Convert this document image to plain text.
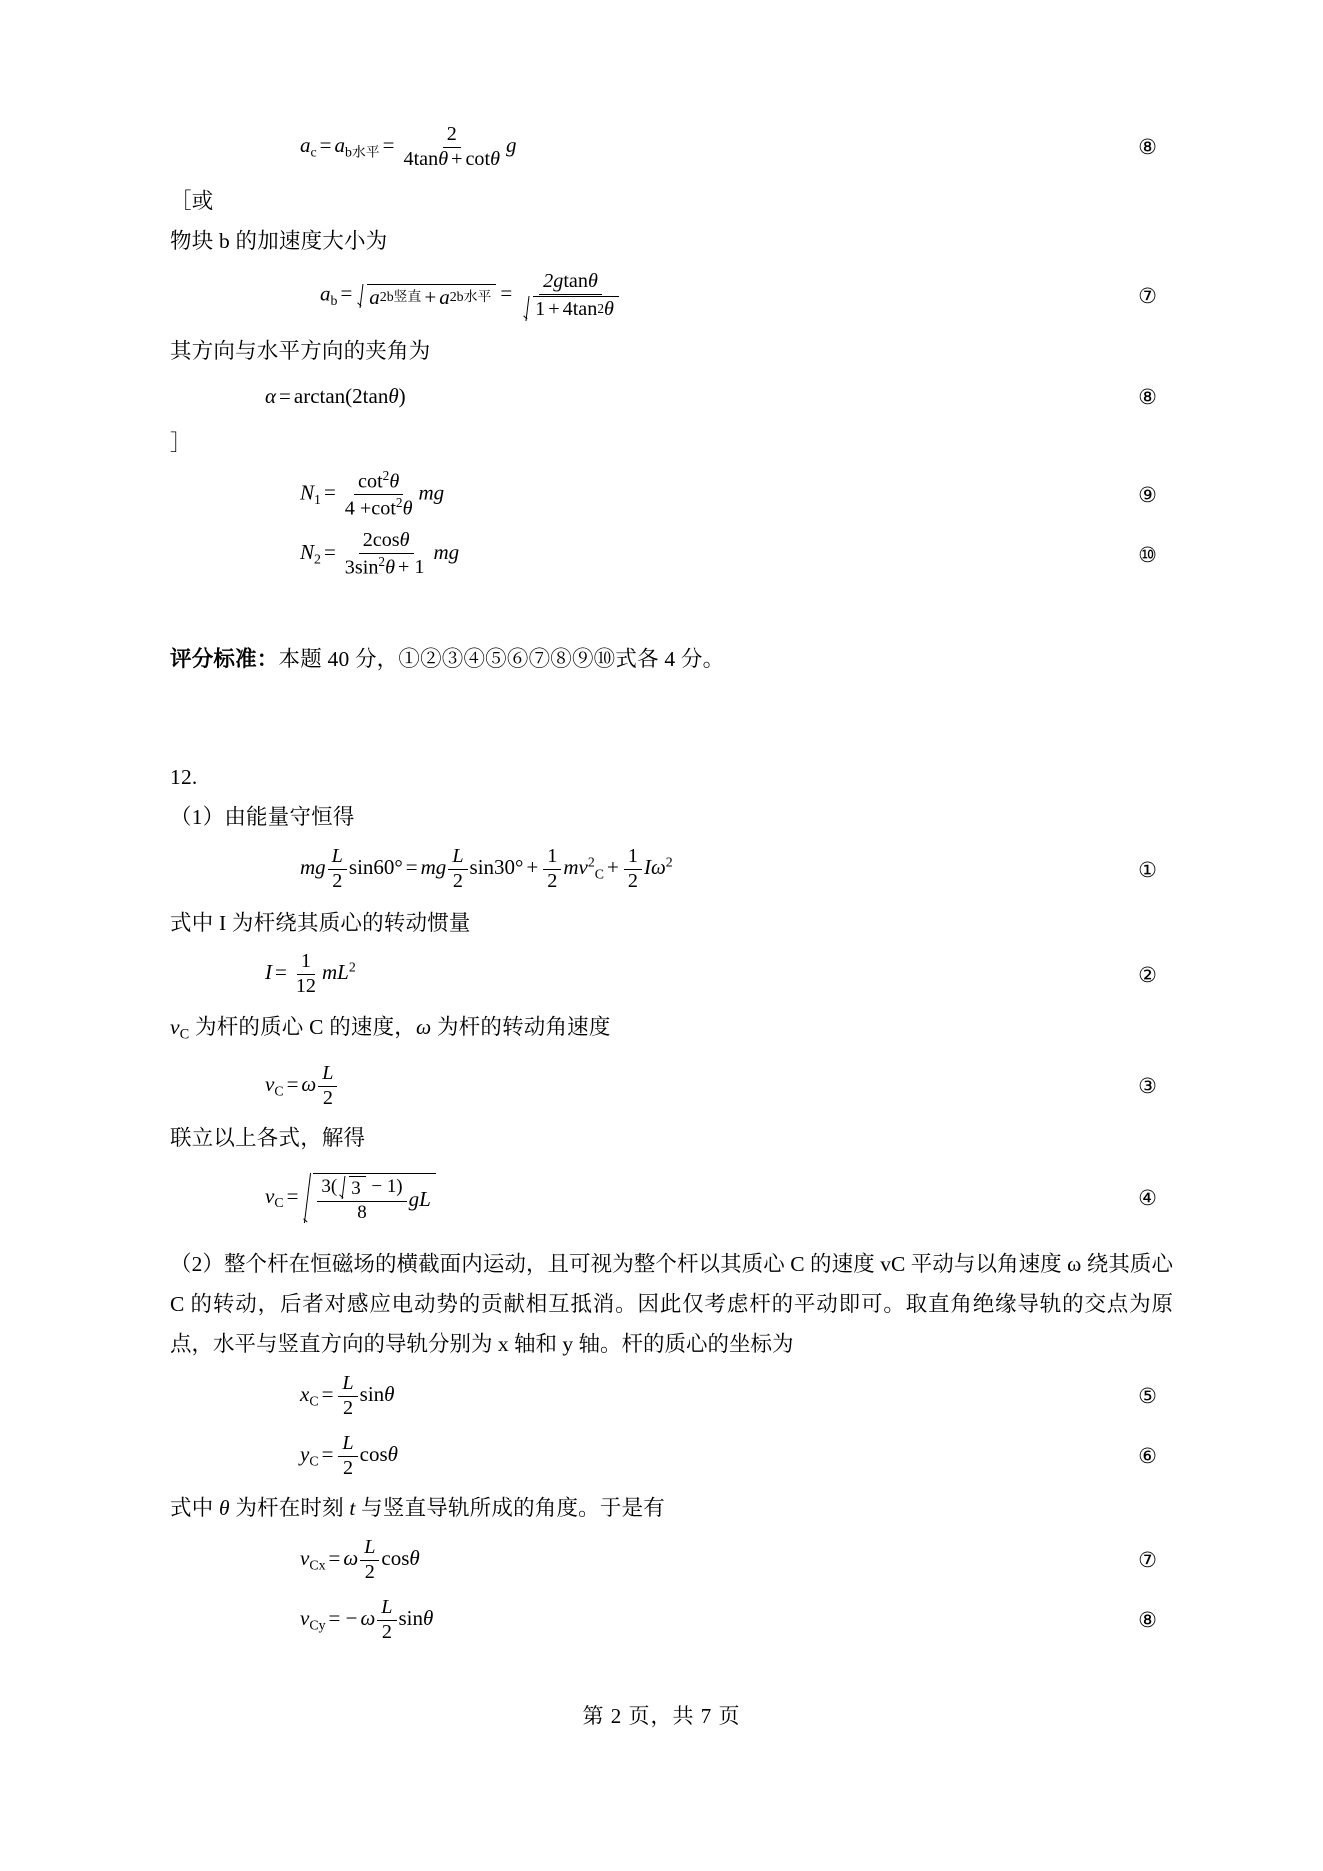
$a_c = a_{b水平} = \frac{2}{4\tan\theta + \cot\theta}$ g	⑧

［或

物块 b 的加速度大小为

$a_b = a$ 2 b竖直 + a 2 b水平 = $\frac{2gtan\theta}{1 + 4 \tan 2 \theta}$	⑦

其方向与水平方向的夹角为

α = arctan(2tanθ)	⑧

］

$N_1 = \frac{\cot^2\theta}{4 +\cot^2\theta}$ mg	⑨
$N_2 = \frac{2\cos\theta}{3\sin^2\theta + 1}$ mg	⑩

评分标准：本题 40 分，①②③④⑤⑥⑦⑧⑨⑩式各 4 分。

12.

（1）由能量守恒得

mg $\frac{L}{2} \sin 60^\circ$ = mg $\frac{L}{2} \sin 30^\circ + \frac{1}{2} mv^2_C + \frac{1}{2} I\omega^2$	①

式中 I 为杆绕其质心的转动惯量

$I = \frac{1}{12} mL^2$	②

$v_C$ 为杆的质心 C 的速度，ω 为杆的转动角速度

$v_C = \omega \frac{L}{2}$	③

联立以上各式，解得

$v_C = \frac{3( 3 - 1)}{8}$ gL	④

（2）整个杆在恒磁场的横截面内运动，且可视为整个杆以其质心 C 的速度 vC 平动与以角速度 ω 绕其质心 C 的转动，后者对感应电动势的贡献相互抵消。因此仅考虑杆的平动即可。取直角绝缘导轨的交点为原点，水平与竖直方向的导轨分别为 x 轴和 y 轴。杆的质心的坐标为

$x_C = \frac{L}{2}$ sinθ	⑤
$y_C = \frac{L}{2}$ cosθ	⑥

式中 θ 为杆在时刻 t 与竖直导轨所成的角度。于是有

$v_{Cx} = \omega \frac{L}{2}$ cosθ	⑦
$v_{Cy}$ = − ω $\frac{L}{2}$ sinθ	⑧
第 2 页，共 7 页
